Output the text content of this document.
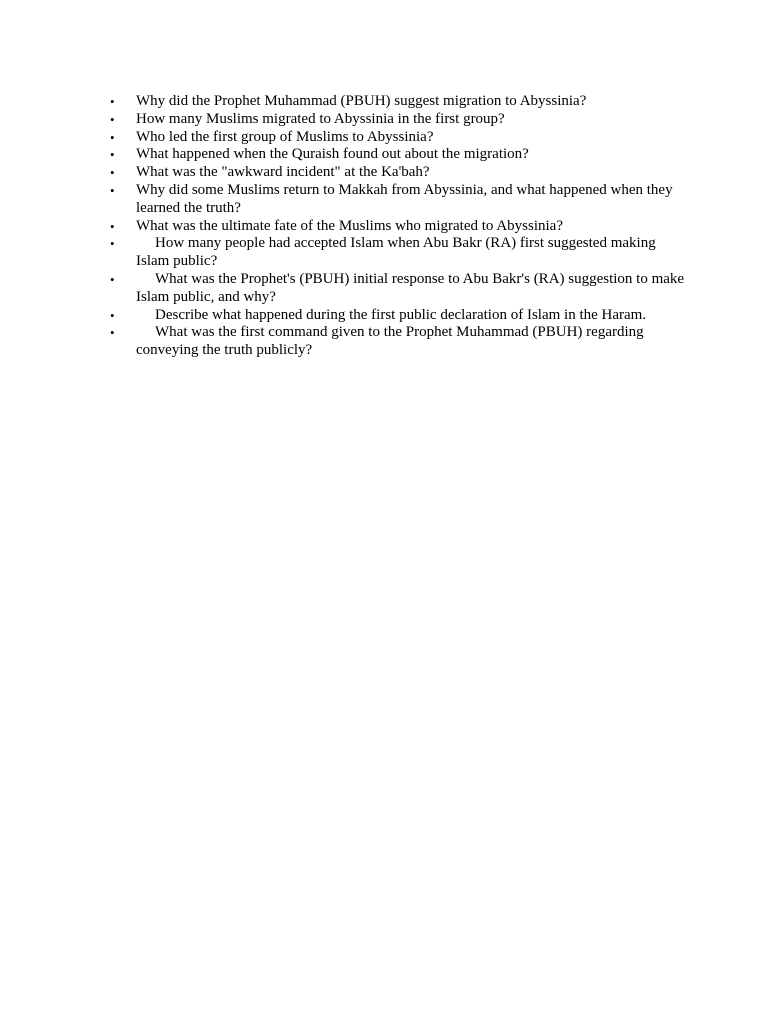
•	Why did the Prophet Muhammad (PBUH) suggest migration to Abyssinia?
•	How many Muslims migrated to Abyssinia in the first group?
•	Who led the first group of Muslims to Abyssinia?
•	What happened when the Quraish found out about the migration?
•	What was the "awkward incident" at the Ka'bah?
•	Why did some Muslims return to Makkah from Abyssinia, and what happened when they learned the truth?
•	What was the ultimate fate of the Muslims who migrated to Abyssinia?
•	How many people had accepted Islam when Abu Bakr (RA) first suggested making Islam public?
•	What was the Prophet's (PBUH) initial response to Abu Bakr's (RA) suggestion to make Islam public, and why?
•	Describe what happened during the first public declaration of Islam in the Haram.
•	What was the first command given to the Prophet Muhammad (PBUH) regarding conveying the truth publicly?
